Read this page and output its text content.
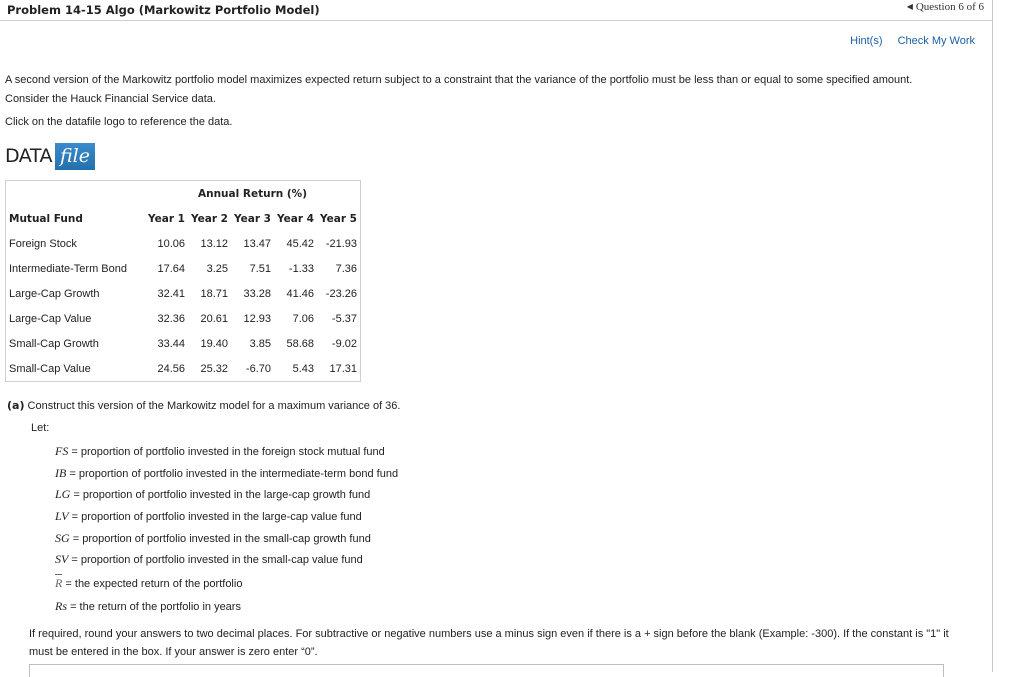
Problem 14-15 Algo (Markowitz Portfolio Model)	◀ Question 6 of 6
Hint(s) Check My Work
A second version of the Markowitz portfolio model maximizes expected return subject to a constraint that the variance of the portfolio must be less than or equal to some specified amount. Consider the Hauck Financial Service data.
Click on the datafile logo to reference the data.
DATA file
	Annual Return (%)				
Mutual Fund	Year 1	Year 2	Year 3	Year 4	Year 5
Foreign Stock	10.06	13.12	13.47	45.42	-21.93
Intermediate-Term Bond	17.64	3.25	7.51	-1.33	7.36
Large-Cap Growth	32.41	18.71	33.28	41.46	-23.26
Large-Cap Value	32.36	20.61	12.93	7.06	-5.37
Small-Cap Growth	33.44	19.40	3.85	58.68	-9.02
Small-Cap Value	24.56	25.32	-6.70	5.43	17.31
(a) Construct this version of the Markowitz model for a maximum variance of 36.
Let:
FS = proportion of portfolio invested in the foreign stock mutual fund
IB = proportion of portfolio invested in the intermediate-term bond fund
LG = proportion of portfolio invested in the large-cap growth fund
LV = proportion of portfolio invested in the large-cap value fund
SG = proportion of portfolio invested in the small-cap growth fund
SV = proportion of portfolio invested in the small-cap value fund
R = the expected return of the portfolio
Rs = the return of the portfolio in years
If required, round your answers to two decimal places. For subtractive or negative numbers use a minus sign even if there is a + sign before the blank (Example: -300). If the constant is "1" it must be entered in the box. If your answer is zero enter “0”.
